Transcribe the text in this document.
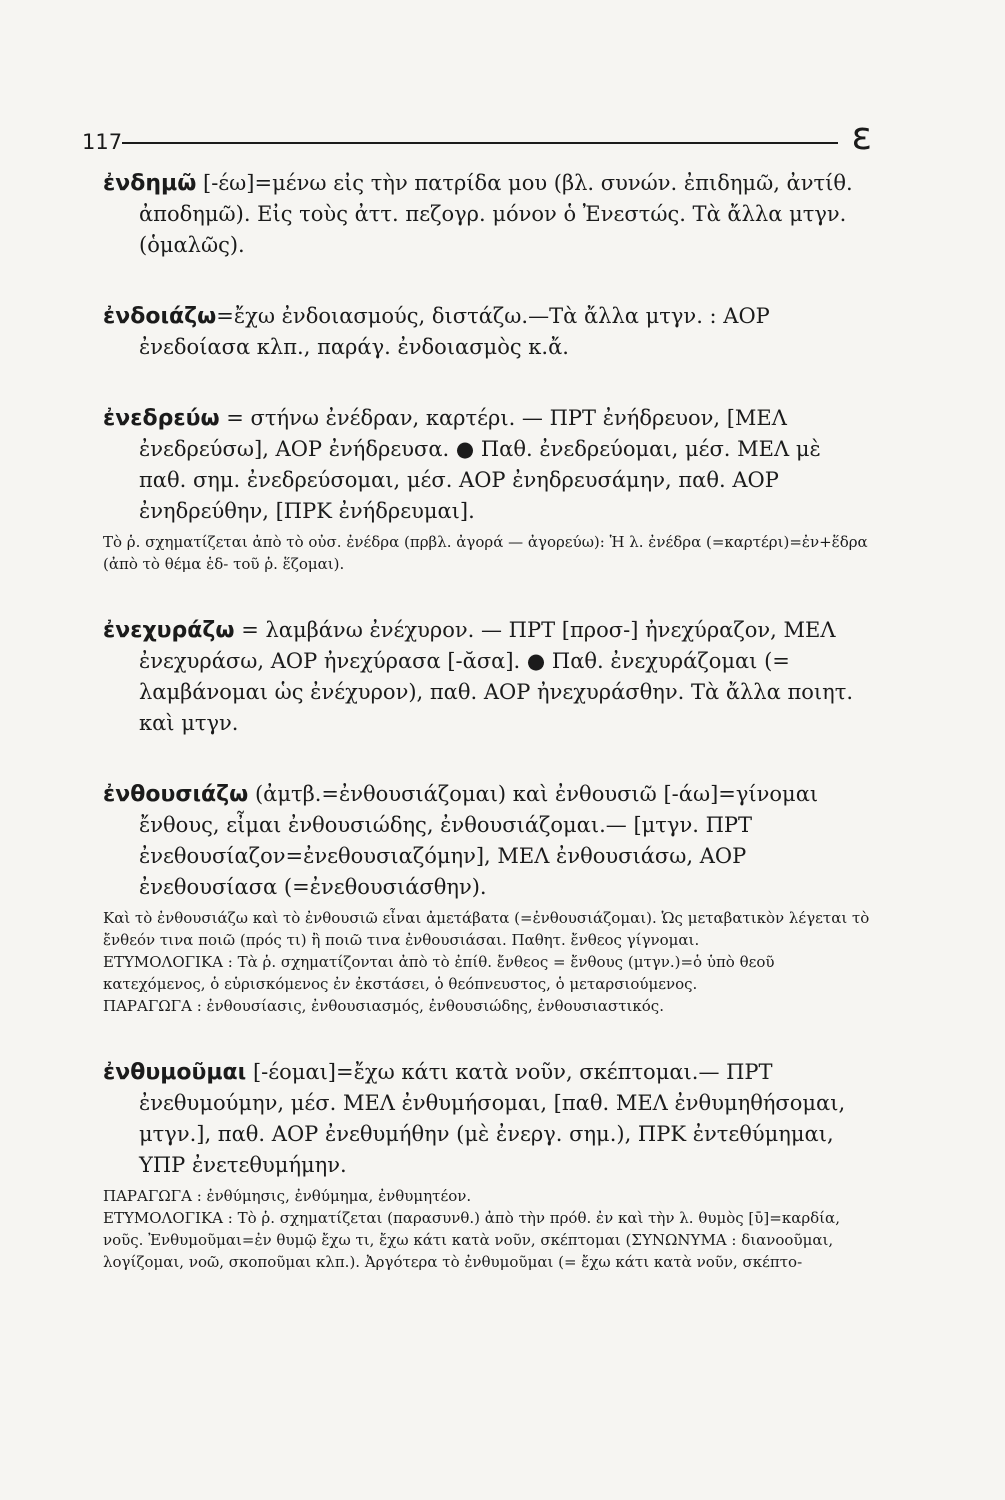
117	ε

ἐνδημῶ [-έω]=μένω εἰς τὴν πατρίδα μου (βλ. συνών. ἐπιδημῶ, ἀντίθ. ἀποδημῶ). Εἰς τοὺς ἀττ. πεζογρ. μόνον ὁ Ἐνεστώς. Τὰ ἄλλα μτγν. (ὁμαλῶς).

ἐνδοιάζω=ἔχω ἐνδοιασμούς, διστάζω.—Τὰ ἄλλα μτγν. : ΑΟΡ ἐνεδοίασα κλπ., παράγ. ἐνδοιασμὸς κ.ἄ.

ἐνεδρεύω = στήνω ἐνέδραν, καρτέρι. — ΠΡΤ ἐνήδρευον, [ΜΕΛ ἐνεδρεύσω], ΑΟΡ ἐνήδρευσα. ● Παθ. ἐνεδρεύομαι, μέσ. ΜΕΛ μὲ παθ. σημ. ἐνεδρεύσομαι, μέσ. ΑΟΡ ἐνηδρευσάμην, παθ. ΑΟΡ ἐνηδρεύθην, [ΠΡΚ ἐνήδρευμαι].

Τὸ ῥ. σχηματίζεται ἀπὸ τὸ οὐσ. ἐνέδρα (πρβλ. ἀγορά — ἀγορεύω): Ἡ λ. ἐνέδρα (=καρτέρι)=ἐν+ἕδρα (ἀπὸ τὸ θέμα ἑδ- τοῦ ῥ. ἕζομαι).

ἐνεχυράζω = λαμβάνω ἐνέχυρον. — ΠΡΤ [προσ-] ἠνεχύραζον, ΜΕΛ ἐνεχυράσω, ΑΟΡ ἠνεχύρασα [-ᾰσα]. ● Παθ. ἐνεχυράζομαι (= λαμβάνομαι ὡς ἐνέχυρον), παθ. ΑΟΡ ἠνεχυράσθην. Τὰ ἄλλα ποιητ. καὶ μτγν.

ἐνθουσιάζω (ἀμτβ.=ἐνθουσιάζομαι) καὶ ἐνθουσιῶ [-άω]=γίνομαι ἔνθους, εἶμαι ἐνθουσιώδης, ἐνθουσιάζομαι.— [μτγν. ΠΡΤ ἐνεθουσίαζον=ἐνεθουσιαζόμην], ΜΕΛ ἐνθουσιάσω, ΑΟΡ ἐνεθουσίασα (=ἐνεθουσιάσθην).

Καὶ τὸ ἐνθουσιάζω καὶ τὸ ἐνθουσιῶ εἶναι ἀμετάβατα (=ἐνθουσιάζομαι). Ὡς μεταβατικὸν λέγεται τὸ ἔνθεόν τινα ποιῶ (πρός τι) ἢ ποιῶ τινα ἐνθουσιάσαι. Παθητ. ἔνθεος γίγνομαι.

ΕΤΥΜΟΛΟΓΙΚΑ : Τὰ ῥ. σχηματίζονται ἀπὸ τὸ ἐπίθ. ἔνθεος = ἔνθους (μτγν.)=ὁ ὑπὸ θεοῦ κατεχόμενος, ὁ εὑρισκόμενος ἐν ἐκστάσει, ὁ θεόπνευστος, ὁ μεταρσιούμενος.

ΠΑΡΑΓΩΓΑ : ἐνθουσίασις, ἐνθουσιασμός, ἐνθουσιώδης, ἐνθουσιαστικός.

ἐνθυμοῦμαι [-έομαι]=ἔχω κάτι κατὰ νοῦν, σκέπτομαι.— ΠΡΤ ἐνεθυμούμην, μέσ. ΜΕΛ ἐνθυμήσομαι, [παθ. ΜΕΛ ἐνθυμηθήσομαι, μτγν.], παθ. ΑΟΡ ἐνεθυμήθην (μὲ ἐνεργ. σημ.), ΠΡΚ ἐντεθύμημαι, ΥΠΡ ἐνετεθυμήμην.

ΠΑΡΑΓΩΓΑ : ἐνθύμησις, ἐνθύμημα, ἐνθυμητέον.

ΕΤΥΜΟΛΟΓΙΚΑ : Τὸ ῥ. σχηματίζεται (παρασυνθ.) ἀπὸ τὴν πρόθ. ἐν καὶ τὴν λ. θυμὸς [ῡ]=καρδία, νοῦς. Ἐνθυμοῦμαι=ἐν θυμῷ ἔχω τι, ἔχω κάτι κατὰ νοῦν, σκέπτομαι (ΣΥΝΩΝΥΜΑ : διανοοῦμαι, λογίζομαι, νοῶ, σκοποῦμαι κλπ.). Ἀργότερα τὸ ἐνθυμοῦμαι (= ἔχω κάτι κατὰ νοῦν, σκέπτο-
